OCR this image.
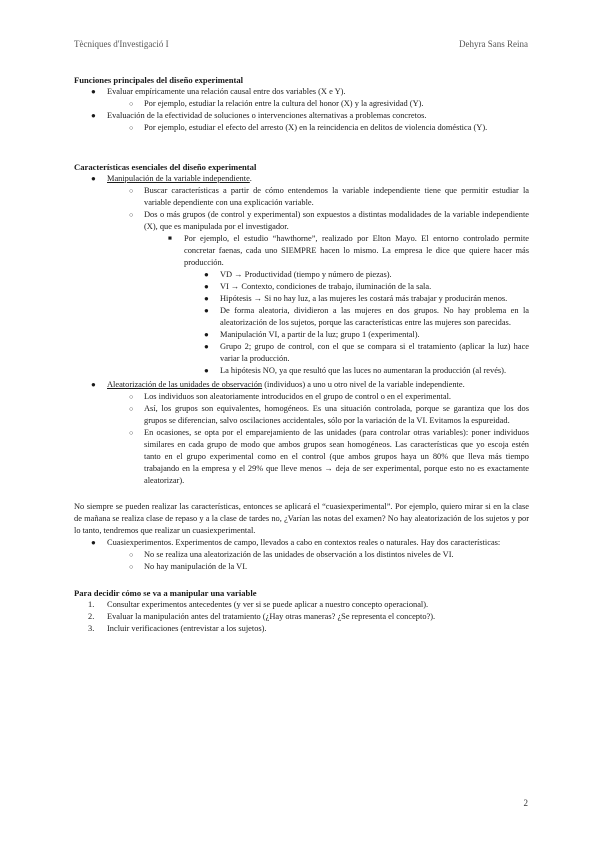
Tècniques d'Investigació I	Dehyra Sans Reina
Funciones principales del diseño experimental
● Evaluar empíricamente una relación causal entre dos variables (X e Y).
○ Por ejemplo, estudiar la relación entre la cultura del honor (X) y la agresividad (Y).
● Evaluación de la efectividad de soluciones o intervenciones alternativas a problemas concretos.
○ Por ejemplo, estudiar el efecto del arresto (X) en la reincidencia en delitos de violencia doméstica (Y).
Características esenciales del diseño experimental
● Manipulación de la variable independiente.
○ Buscar características a partir de cómo entendemos la variable independiente tiene que permitir estudiar la variable dependiente con una explicación variable.
○ Dos o más grupos (de control y experimental) son expuestos a distintas modalidades de la variable independiente (X), que es manipulada por el investigador.
■ Por ejemplo, el estudio “hawthorne”, realizado por Elton Mayo. El entorno controlado permite concretar faenas, cada uno SIEMPRE hacen lo mismo. La empresa le dice que quiere hacer más producción.
● VD → Productividad (tiempo y número de piezas).
● VI → Contexto, condiciones de trabajo, iluminación de la sala.
● Hipótesis → Si no hay luz, a las mujeres les costará más trabajar y producirán menos.
● De forma aleatoria, dividieron a las mujeres en dos grupos. No hay problema en la aleatorización de los sujetos, porque las características entre las mujeres son parecidas.
● Manipulación VI, a partir de la luz; grupo 1 (experimental).
● Grupo 2; grupo de control, con el que se compara si el tratamiento (aplicar la luz) hace variar la producción.
● La hipótesis NO, ya que resultó que las luces no aumentaran la producción (al revés).
● Aleatorización de las unidades de observación (individuos) a uno u otro nivel de la variable independiente.
○ Los individuos son aleatoriamente introducidos en el grupo de control o en el experimental.
○ Así, los grupos son equivalentes, homogéneos. Es una situación controlada, porque se garantiza que los dos grupos se diferencian, salvo oscilaciones accidentales, sólo por la variación de la VI. Evitamos la espureidad.
○ En ocasiones, se opta por el emparejamiento de las unidades (para controlar otras variables): poner individuos similares en cada grupo de modo que ambos grupos sean homogéneos. Las características que yo escoja estén tanto en el grupo experimental como en el control (que ambos grupos haya un 80% que lleva más tiempo trabajando en la empresa y el 29% que lleve menos → deja de ser experimental, porque esto no es exactamente aleatorizar).

No siempre se pueden realizar las características, entonces se aplicará el “cuasiexperimental”. Por ejemplo, quiero mirar si en la clase de mañana se realiza clase de repaso y a la clase de tardes no, ¿Varían las notas del examen? No hay aleatorización de los sujetos y por lo tanto, tendremos que realizar un cuasiexperimental.

● Cuasiexperimentos. Experimentos de campo, llevados a cabo en contextos reales o naturales. Hay dos características:
○ No se realiza una aleatorización de las unidades de observación a los distintos niveles de VI.
○ No hay manipulación de la VI.
Para decidir cómo se va a manipular una variable
1. Consultar experimentos antecedentes (y ver si se puede aplicar a nuestro concepto operacional).
2. Evaluar la manipulación antes del tratamiento (¿Hay otras maneras? ¿Se representa el concepto?).
3. Incluir verificaciones (entrevistar a los sujetos).
2
